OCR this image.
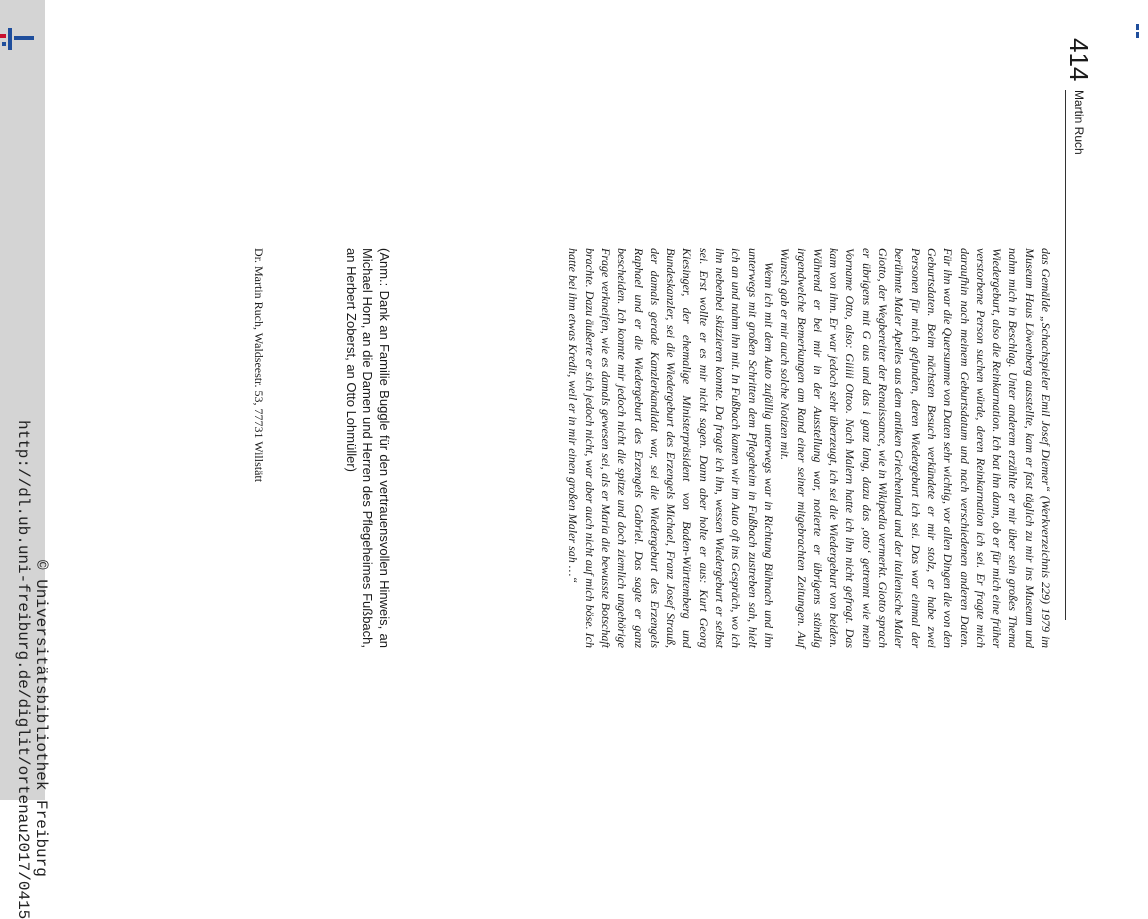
http://dl.ub.uni-freiburg.de/diglit/ortenau2017/0415 © Universitätsbibliothek Freiburg
414
Martin Ruch

das Gemälde „Schachspieler Emil Josef Diemer“ (Werkverzeichnis 229) 1979 im Museum Haus Löwenberg ausstellte, kam er fast täglich zu mir ins Museum und nahm mich in Beschlag. Unter anderem erzählte er mir über sein großes Thema Wiedergeburt, also die Reinkarnation. Ich bat ihn dann, ob er für mich eine früher verstorbene Person suchen würde, deren Reinkarnation ich sei. Er fragte mich daraufhin nach meinem Geburtsdatum und nach verschiedenen anderen Daten. Für ihn war die Quersumme von Daten sehr wichtig, vor allen Dingen die von den Geburtsdaten. Beim nächsten Besuch verkündete er mir stolz, er habe zwei Personen für mich gefunden, deren Wiedergeburt ich sei. Das war einmal der berühmte Maler Apelles aus dem antiken Griechenland und der italienische Maler Giotto, der Wegbereiter der Renaissance, wie in Wikipedia vermerkt. Giotto sprach er übrigens mit G aus und das i ganz lang, dazu das ‚otto‘ getrennt wie mein Vorname Otto, also: Giiiii Ottoo. Nach Malern hatte ich ihn nicht gefragt. Das kam von ihm. Er war jedoch sehr überzeugt, ich sei die Wiedergeburt von beiden. Während er bei mir in der Ausstellung war, notierte er übrigens ständig irgendwelche Bemerkungen am Rand einer seiner mitgebrachten Zeitungen. Auf Wunsch gab er mir auch solche Notizen mit.

Wenn ich mit dem Auto zufällig unterwegs war in Richtung Bühnach und ihn unterwegs mit großen Schritten dem Pflegeheim in Fußbach zustreben sah, hielt ich an und nahm ihn mit. In Fußbach kamen wir im Auto oft ins Gespräch, wo ich ihn nebenbei skizzieren konnte. Da fragte ich ihn, wessen Wiedergeburt er selbst sei. Erst wollte er es mir nicht sagen. Dann aber holte er aus: Kurt Georg Kiesinger, der ehemalige Ministerpräsident von Baden-Württemberg und Bundeskanzler, sei die Wiedergeburt des Erzengels Michael, Franz Josef Strauß, der damals gerade Kanzlerkandidat war, sei die Wiedergeburt des Erzengels Raphael und er die Wiedergeburt des Erzengels Gabriel. Das sagte er ganz bescheiden. Ich konnte mir jedoch nicht die spitze und doch ziemlich ungehörige Frage verkneifen, wie es damals gewesen sei, als er Maria die bewusste Botschaft brachte. Dazu äußerte er sich jedoch nicht, war aber auch nicht auf mich böse. Ich hatte bei ihm etwas Kredit, weil er in mir einen großen Maler sah …“

(Anm.: Dank an Familie Buggle für den vertrauensvollen Hinweis, an Michael Horn, an die Damen und Herren des Pflegeheimes Fußbach, an Herbert Zoberst, an Otto Lohmüller)
Dr. Martin Ruch, Waldseestr. 53, 77731 Willstätt
